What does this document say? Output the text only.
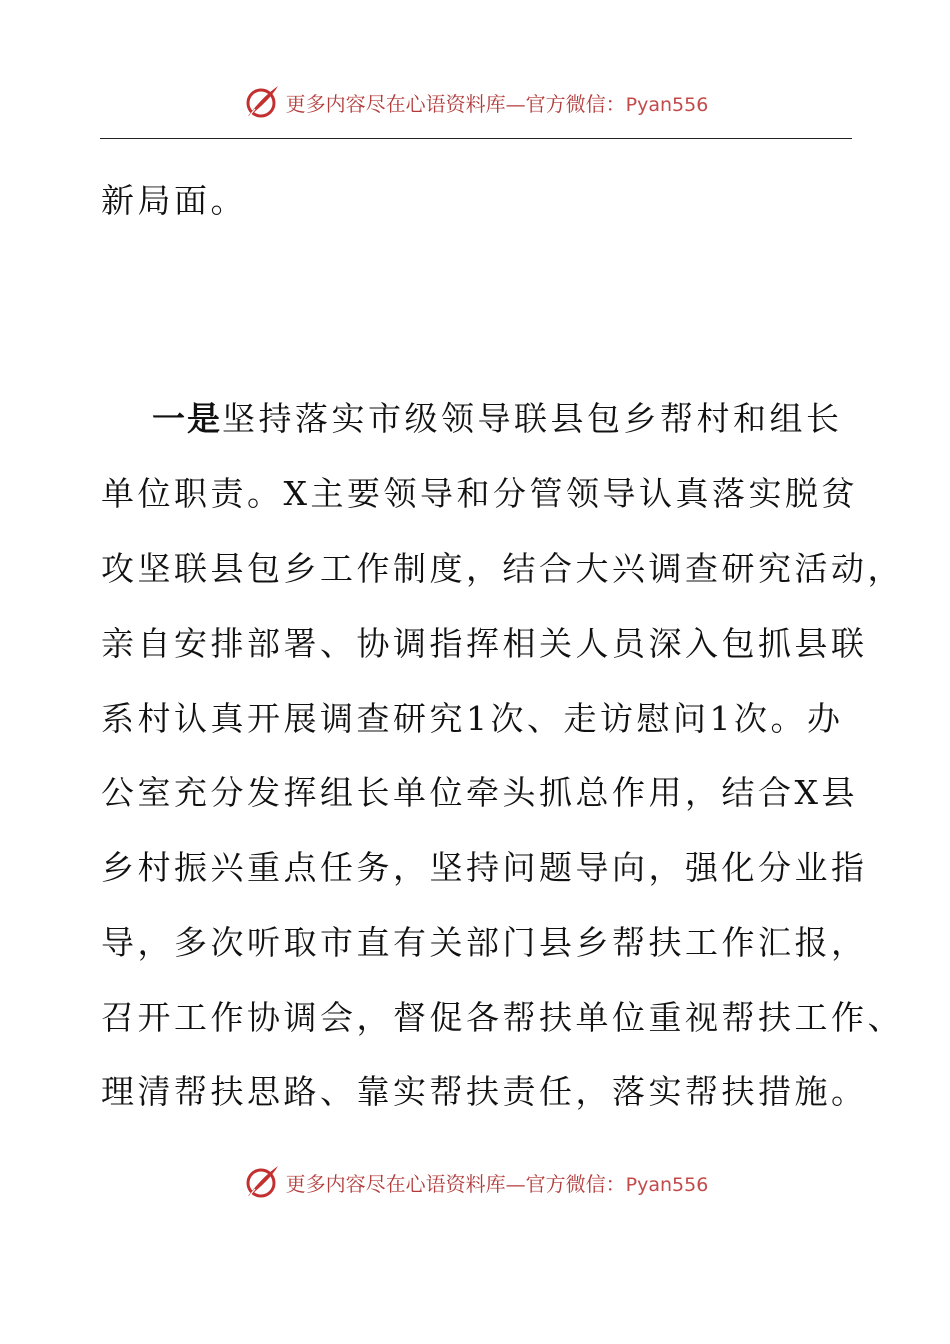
更多内容尽在心语资料库—官方微信：Pyan556
新局面。
一是坚持落实市级领导联县包乡帮村和组长
单位职责。X主要领导和分管领导认真落实脱贫
攻坚联县包乡工作制度，结合大兴调查研究活动，
亲自安排部署、协调指挥相关人员深入包抓县联
系村认真开展调查研究1次、走访慰问1次。办
公室充分发挥组长单位牵头抓总作用，结合X县
乡村振兴重点任务，坚持问题导向，强化分业指
导，多次听取市直有关部门县乡帮扶工作汇报，
召开工作协调会，督促各帮扶单位重视帮扶工作、
理清帮扶思路、靠实帮扶责任，落实帮扶措施。
更多内容尽在心语资料库—官方微信：Pyan556
